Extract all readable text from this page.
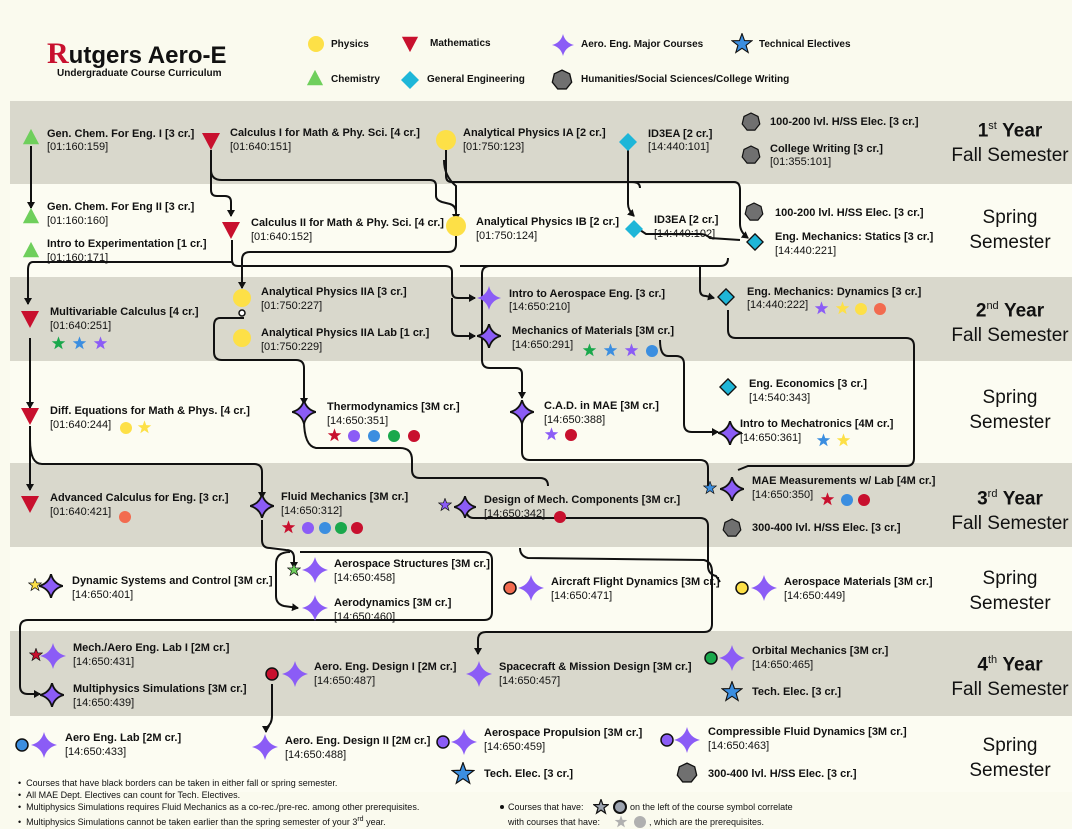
Rutgers Aero-E
Undergraduate Course Curriculum
Physics	Mathematics	Aero. Eng. Major Courses	Technical Electives
Chemistry	General Engineering	Humanities/Social Sciences/College Writing
Gen. Chem. For Eng. I [3 cr.]
[01:160:159]
Calculus I for Math & Phy. Sci. [4 cr.]
[01:640:151]
Analytical Physics IA [2 cr.]
[01:750:123]
ID3EA [2 cr.]
[14:440:101]
100-200 lvl. H/SS Elec. [3 cr.]
College Writing [3 cr.]
[01:355:101]
Gen. Chem. For Eng II [3 cr.]
[01:160:160]
Intro to Experimentation [1 cr.]
[01:160:171]
Calculus II for Math & Phy. Sci. [4 cr.]
[01:640:152]
Analytical Physics IB [2 cr.]
[01:750:124]
ID3EA [2 cr.]
[14:440:102]
100-200 lvl. H/SS Elec. [3 cr.]
Eng. Mechanics: Statics [3 cr.]
[14:440:221]
Multivariable Calculus [4 cr.]
[01:640:251]
Analytical Physics IIA [3 cr.]
[01:750:227]
Analytical Physics IIA Lab [1 cr.]
[01:750:229]
Intro to Aerospace Eng. [3 cr.]
[14:650:210]
Mechanics of Materials [3M cr.]
[14:650:291]
Eng. Mechanics: Dynamics [3 cr.]
[14:440:222]
Diff. Equations for Math & Phys. [4 cr.]
[01:640:244]
Thermodynamics [3M cr.]
[14:650:351]
C.A.D. in MAE [3M cr.]
[14:650:388]
Eng. Economics [3 cr.]
[14:540:343]
Intro to Mechatronics [4M cr.]
[14:650:361]
Advanced Calculus for Eng. [3 cr.]
[01:640:421]
Fluid Mechanics [3M cr.]
[14:650:312]
Design of Mech. Components [3M cr.]
[14:650:342]
MAE Measurements w/ Lab [4M cr.]
[14:650:350]
300-400 lvl. H/SS Elec. [3 cr.]
Dynamic Systems and Control [3M cr.]
[14:650:401]
Aerospace Structures [3M cr.]
[14:650:458]
Aerodynamics [3M cr.]
[14:650:460]
Aircraft Flight Dynamics [3M cr.]
[14:650:471]
Aerospace Materials [3M cr.]
[14:650:449]
Mech./Aero Eng. Lab I [2M cr.]
[14:650:431]
Multiphysics Simulations [3M cr.]
[14:650:439]
Aero. Eng. Design I [2M cr.]
[14:650:487]
Spacecraft & Mission Design [3M cr.]
[14:650:457]
Orbital Mechanics [3M cr.]
[14:650:465]
Tech. Elec. [3 cr.]
Aero Eng. Lab [2M cr.]
[14:650:433]
Aero. Eng. Design II [2M cr.]
[14:650:488]
Aerospace Propulsion [3M cr.]
[14:650:459]
Compressible Fluid Dynamics [3M cr.]
[14:650:463]
Tech. Elec. [3 cr.]	300-400 lvl. H/SS Elec. [3 cr.]
1st Year
Fall Semester
Spring
Semester
2nd Year
Fall Semester
Spring
Semester
3rd Year
Fall Semester
Spring
Semester
4th Year
Fall Semester
Spring
Semester
•  Courses that have black borders can be taken in either fall or spring semester.
•  All MAE Dept. Electives can count for Tech. Electives.
•  Multiphysics Simulations requires Fluid Mechanics as a co-rec./pre-rec. among other prerequisites.
•  Multiphysics Simulations cannot be taken earlier than the spring semester of your 3rd year.
Courses that have:	on the left of the course symbol correlate
with courses that have:	, which are the prerequisites.
